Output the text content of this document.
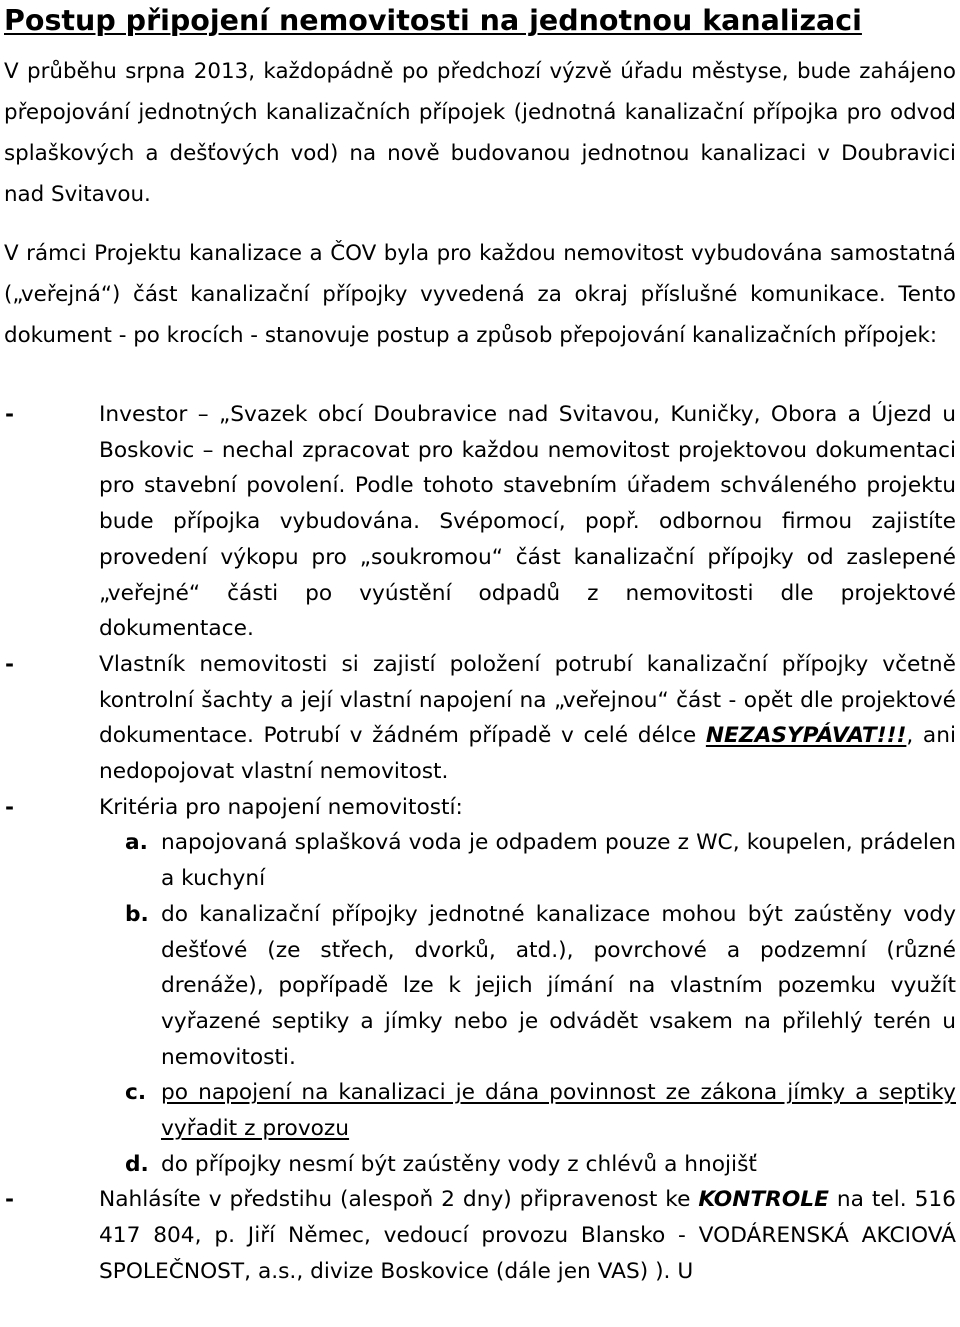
Postup připojení nemovitosti na jednotnou kanalizaci

V průběhu srpna 2013, každopádně po předchozí výzvě úřadu městyse, bude zahájeno přepojování jednotných kanalizačních přípojek (jednotná kanalizační přípojka pro odvod splaškových a dešťových vod) na nově budovanou jednotnou kanalizaci v Doubravici nad Svitavou.

V rámci Projektu kanalizace a ČOV byla pro každou nemovitost vybudována samostatná („veřejná“) část kanalizační přípojky vyvedená za okraj příslušné komunikace. Tento dokument - po krocích - stanovuje postup a způsob přepojování kanalizačních přípojek:

-	Investor – „Svazek obcí Doubravice nad Svitavou, Kuničky, Obora a Újezd u Boskovic – nechal zpracovat pro každou nemovitost projektovou dokumentaci pro stavební povolení. Podle tohoto stavebním úřadem schváleného projektu bude přípojka vybudována. Svépomocí, popř. odbornou firmou zajistíte provedení výkopu pro „soukromou“ část kanalizační přípojky od zaslepené „veřejné“ části po vyústění odpadů z nemovitosti dle projektové dokumentace.
-	Vlastník nemovitosti si zajistí položení potrubí kanalizační přípojky včetně kontrolní šachty a její vlastní napojení na „veřejnou“ část - opět dle projektové dokumentace. Potrubí v žádném případě v celé délce NEZASYPÁVAT!!!, ani nedopojovat vlastní nemovitost.
-	Kritéria pro napojení nemovitostí:
a. napojovaná splašková voda je odpadem pouze z WC, koupelen, prádelen a kuchyní
b. do kanalizační přípojky jednotné kanalizace mohou být zaústěny vody dešťové (ze střech, dvorků, atd.), povrchové a podzemní (různé drenáže), popřípadě lze k jejich jímání na vlastním pozemku využít vyřazené septiky a jímky nebo je odvádět vsakem na přilehlý terén u nemovitosti.
c. po napojení na kanalizaci je dána povinnost ze zákona jímky a septiky vyřadit z provozu
d. do přípojky nesmí být zaústěny vody z chlévů a hnojišť
-	Nahlásíte v předstihu (alespoň 2 dny) připravenost ke KONTROLE na tel. 516 417 804, p. Jiří Němec, vedoucí provozu Blansko - VODÁRENSKÁ AKCIOVÁ SPOLEČNOST, a.s., divize Boskovice (dále jen VAS) ). U
